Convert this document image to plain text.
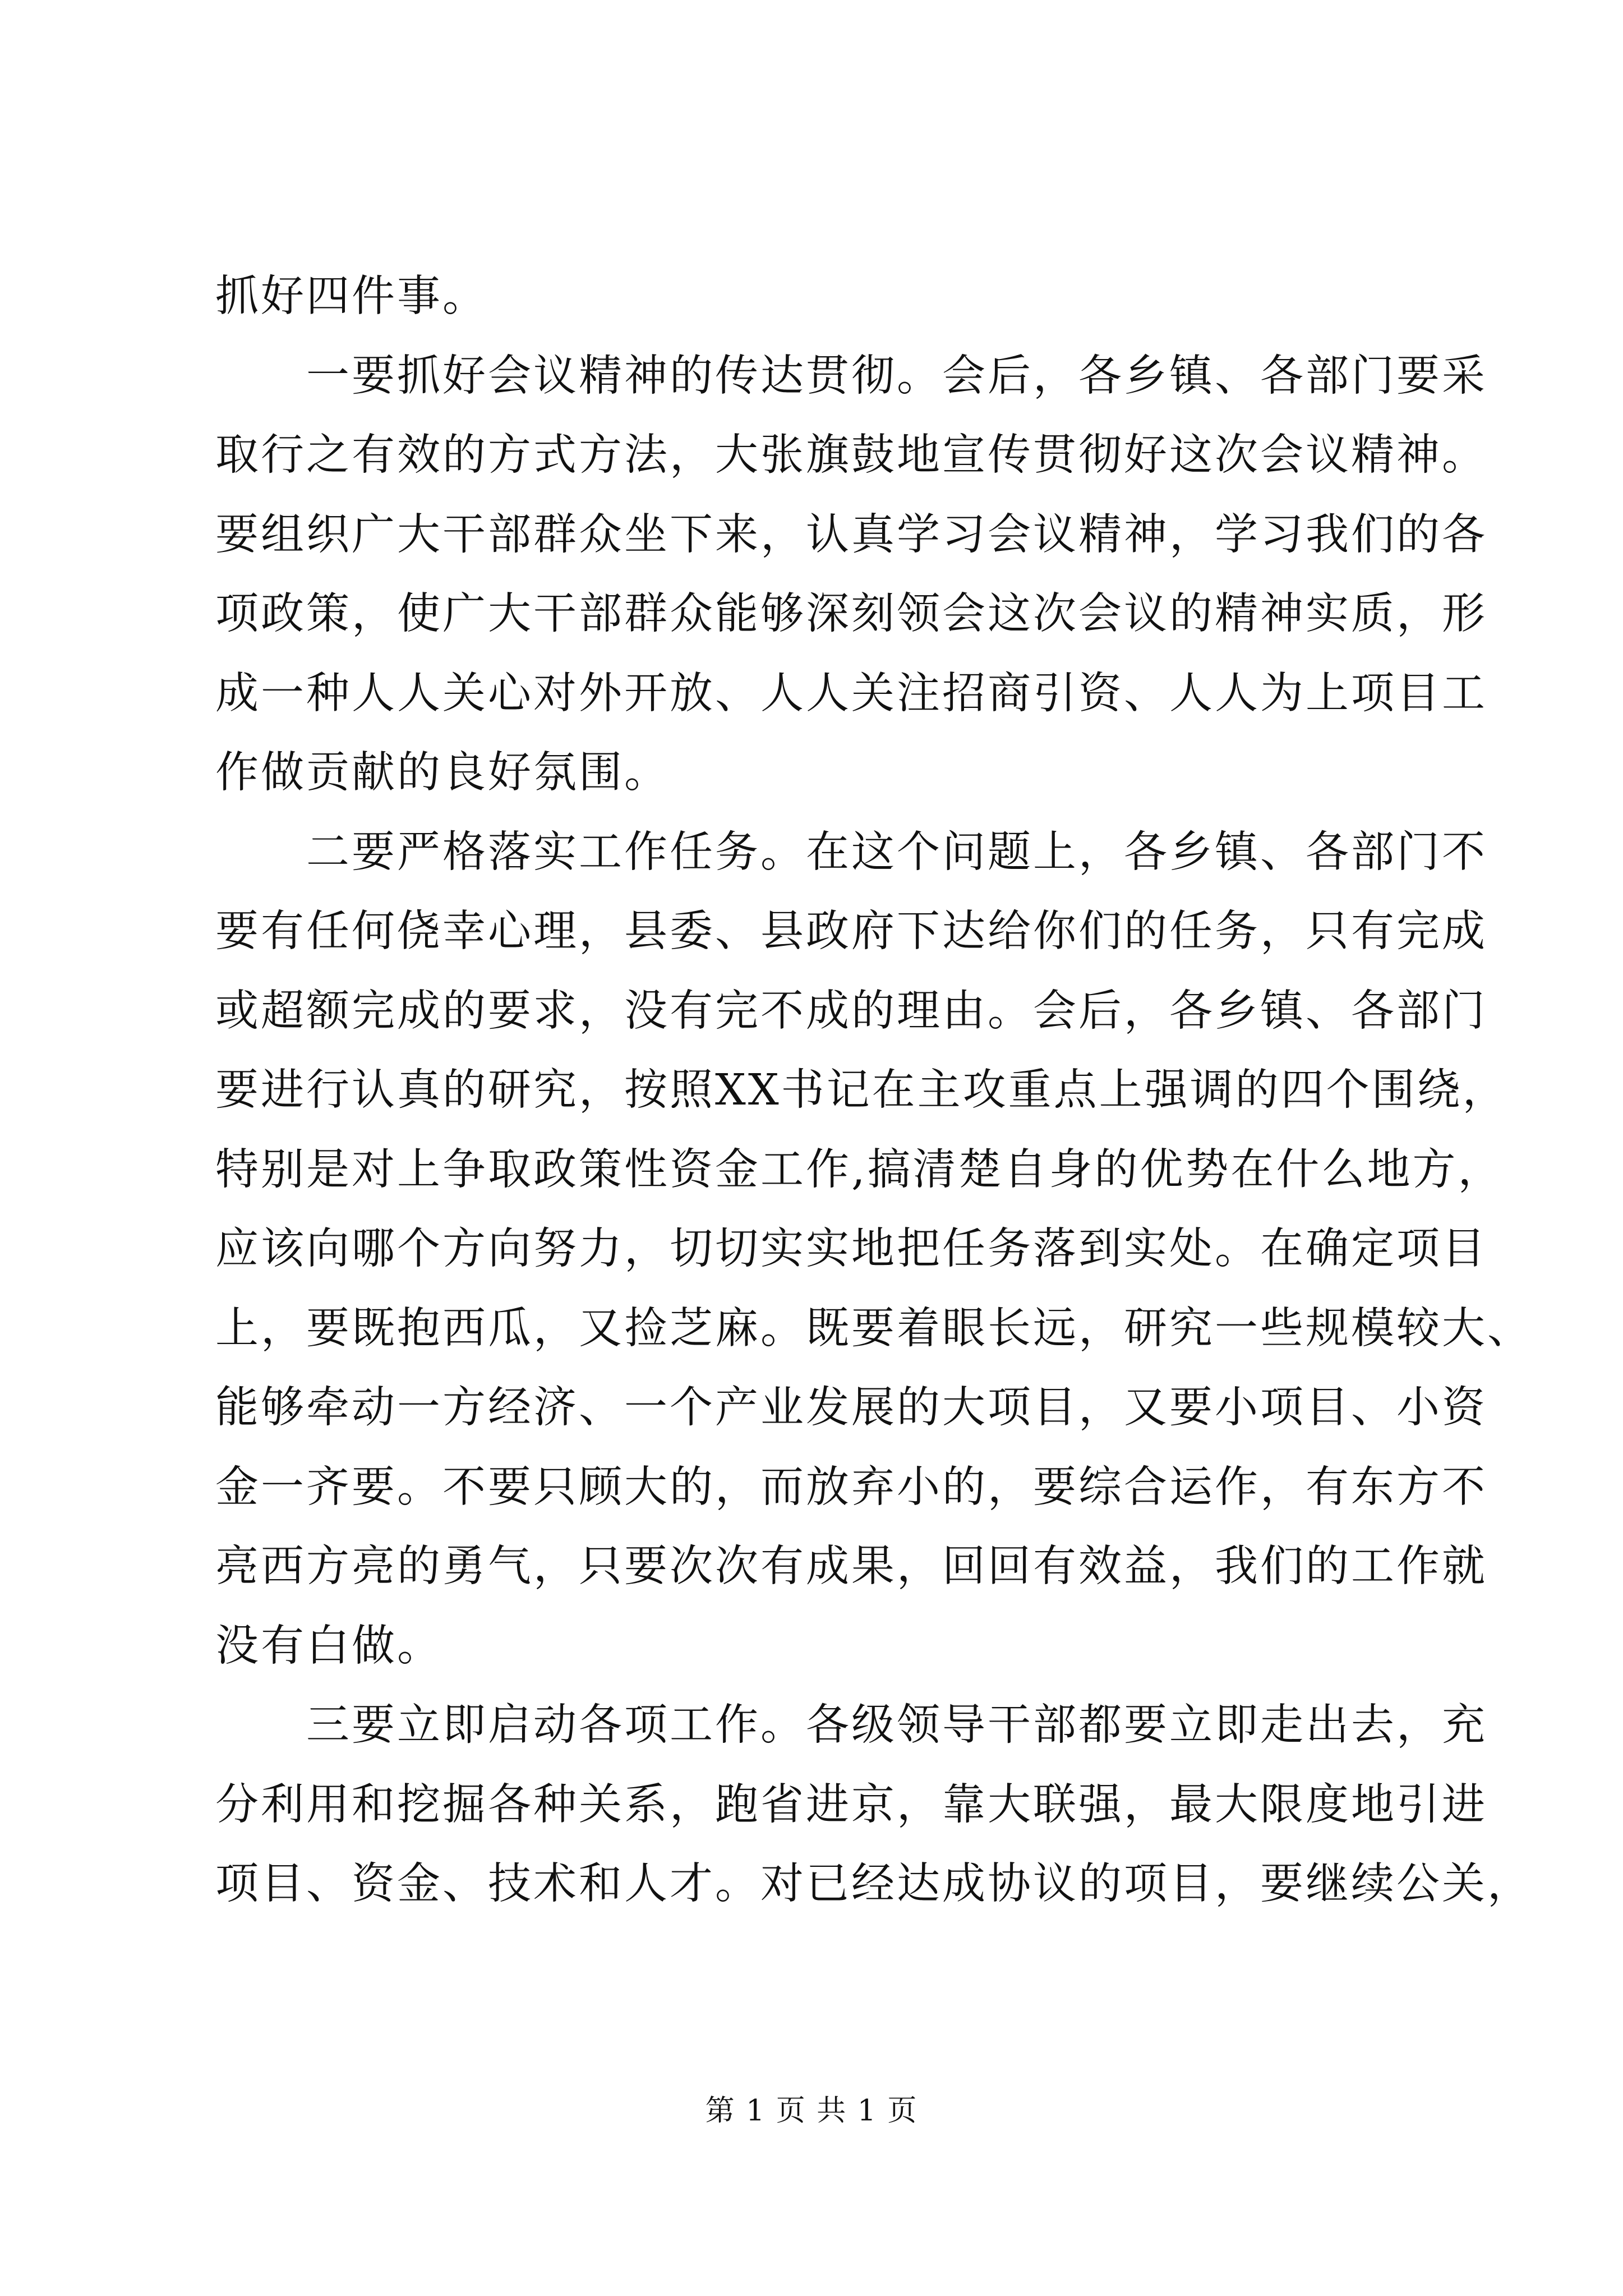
抓好四件事。
　　一要抓好会议精神的传达贯彻。会后，各乡镇、各部门要采
取行之有效的方式方法，大张旗鼓地宣传贯彻好这次会议精神。
要组织广大干部群众坐下来，认真学习会议精神，学习我们的各
项政策，使广大干部群众能够深刻领会这次会议的精神实质，形
成一种人人关心对外开放、人人关注招商引资、人人为上项目工
作做贡献的良好氛围。
　　二要严格落实工作任务。在这个问题上，各乡镇、各部门不
要有任何侥幸心理，县委、县政府下达给你们的任务，只有完成
或超额完成的要求，没有完不成的理由。会后，各乡镇、各部门
要进行认真的研究，按照XX书记在主攻重点上强调的四个围绕，
特别是对上争取政策性资金工作,搞清楚自身的优势在什么地方，
应该向哪个方向努力，切切实实地把任务落到实处。在确定项目
上，要既抱西瓜，又捡芝麻。既要着眼长远，研究一些规模较大、
能够牵动一方经济、一个产业发展的大项目，又要小项目、小资
金一齐要。不要只顾大的，而放弃小的，要综合运作，有东方不
亮西方亮的勇气，只要次次有成果，回回有效益，我们的工作就
没有白做。
　　三要立即启动各项工作。各级领导干部都要立即走出去，充
分利用和挖掘各种关系，跑省进京，靠大联强，最大限度地引进
项目、资金、技术和人才。对已经达成协议的项目，要继续公关，
第 1 页 共 1 页
